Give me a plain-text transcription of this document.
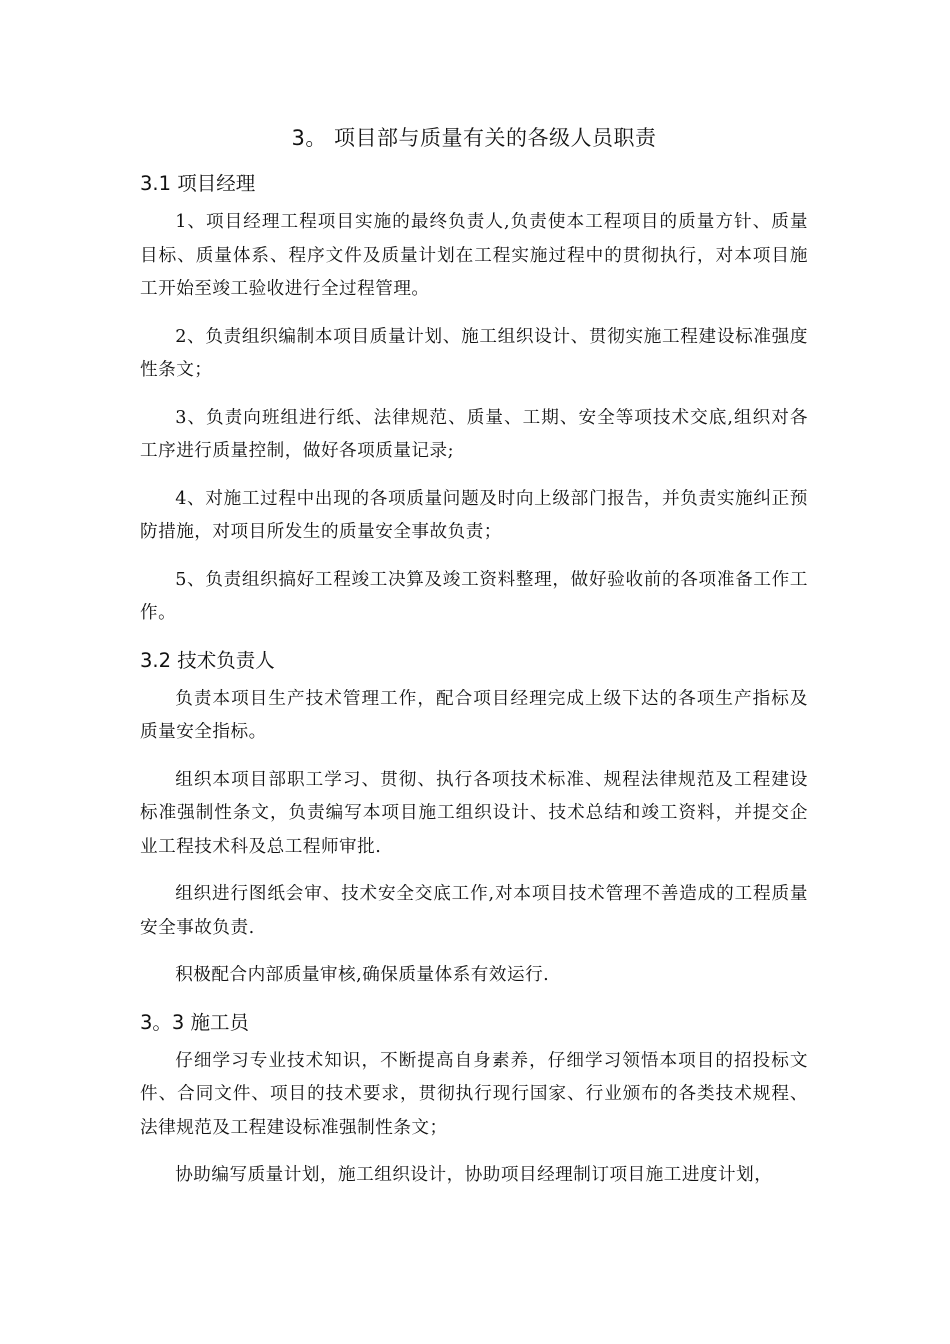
3。 项目部与质量有关的各级人员职责
3.1 项目经理

1、项目经理工程项目实施的最终负责人,负责使本工程项目的质量方针、质量目标、质量体系、程序文件及质量计划在工程实施过程中的贯彻执行，对本项目施工开始至竣工验收进行全过程管理。

2、负责组织编制本项目质量计划、施工组织设计、贯彻实施工程建设标准强度性条文；

3、负责向班组进行纸、法律规范、质量、工期、安全等项技术交底,组织对各工序进行质量控制，做好各项质量记录;

4、对施工过程中出现的各项质量问题及时向上级部门报告，并负责实施纠正预防措施，对项目所发生的质量安全事故负责；

5、负责组织搞好工程竣工决算及竣工资料整理，做好验收前的各项准备工作工作。

3.2 技术负责人

负责本项目生产技术管理工作，配合项目经理完成上级下达的各项生产指标及质量安全指标。

组织本项目部职工学习、贯彻、执行各项技术标准、规程法律规范及工程建设标准强制性条文，负责编写本项目施工组织设计、技术总结和竣工资料，并提交企业工程技术科及总工程师审批.

组织进行图纸会审、技术安全交底工作,对本项目技术管理不善造成的工程质量安全事故负责.

积极配合内部质量审核,确保质量体系有效运行.

3。3 施工员

仔细学习专业技术知识，不断提高自身素养，仔细学习领悟本项目的招投标文件、合同文件、项目的技术要求，贯彻执行现行国家、行业颁布的各类技术规程、法律规范及工程建设标准强制性条文；

协助编写质量计划，施工组织设计，协助项目经理制订项目施工进度计划，
